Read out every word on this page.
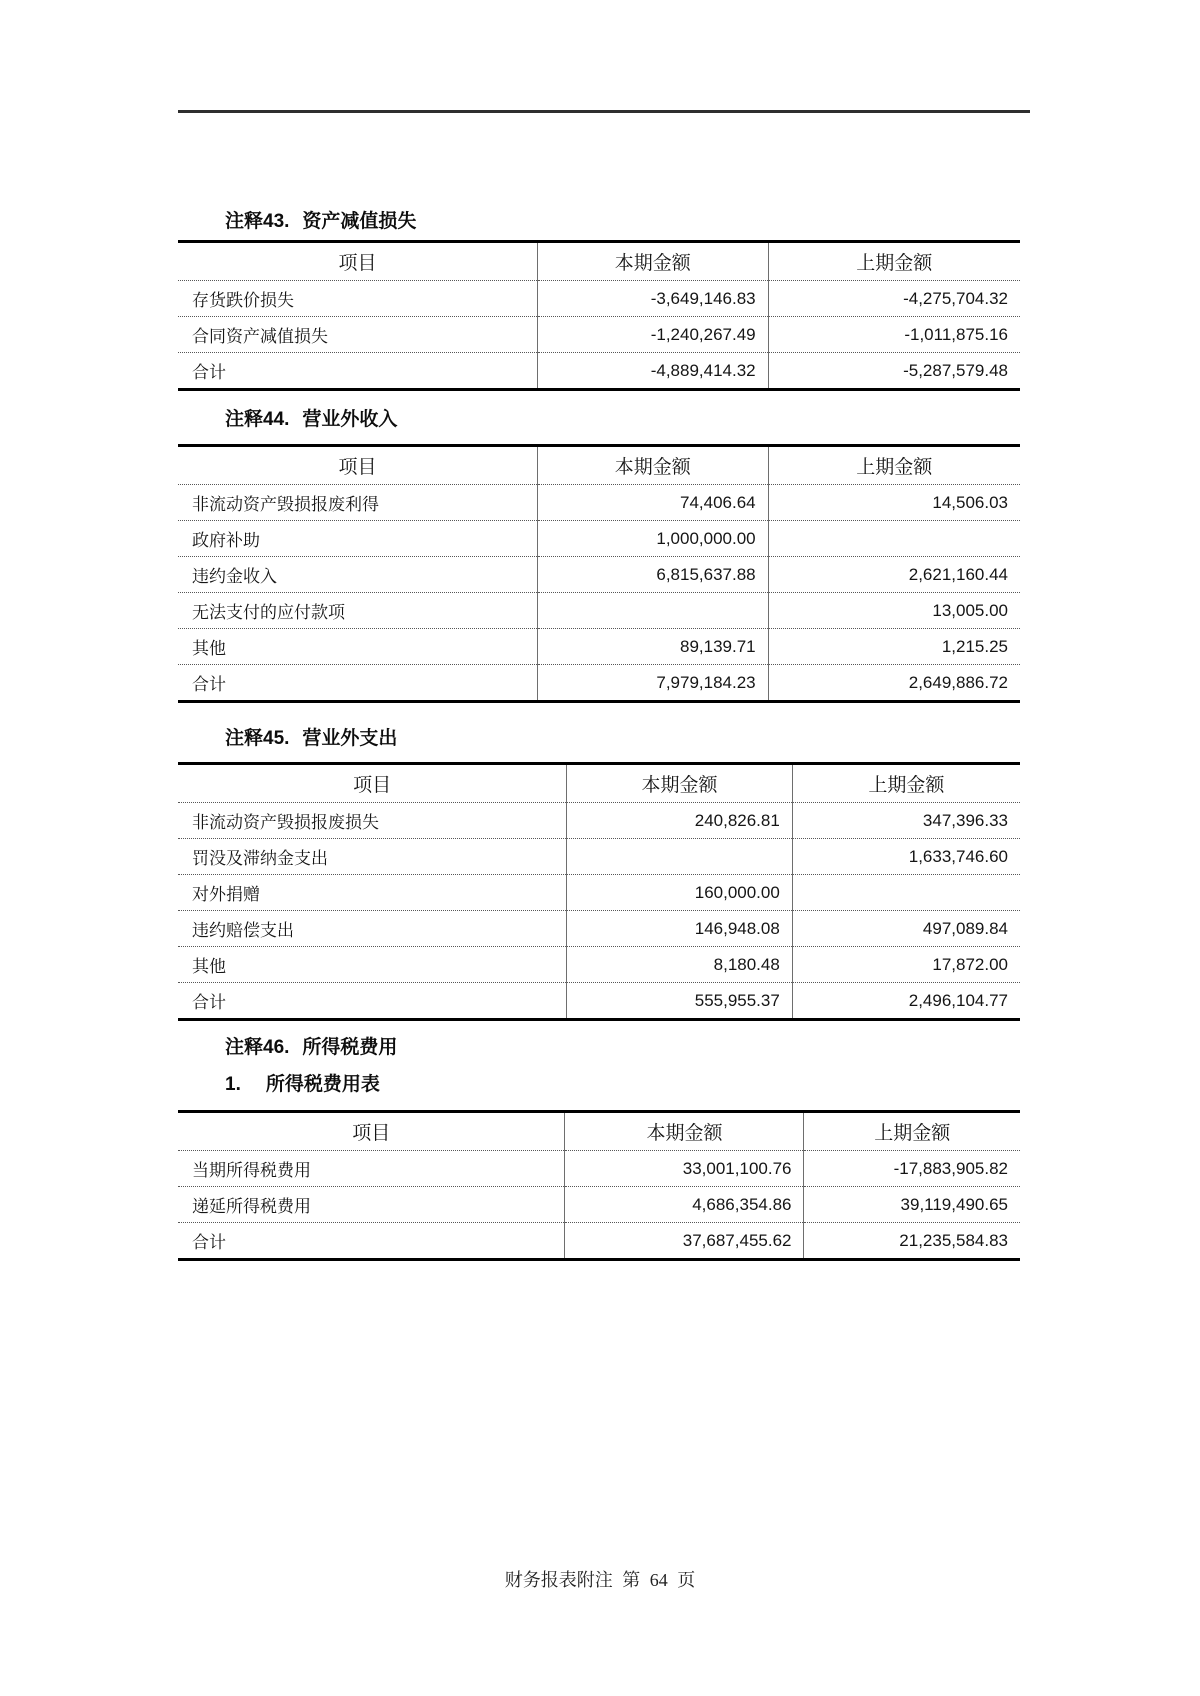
注释43. 资产减值损失
项目	本期金额	上期金额
存货跌价损失	-3,649,146.83	-4,275,704.32
合同资产减值损失	-1,240,267.49	-1,011,875.16
合计	-4,889,414.32	-5,287,579.48
注释44. 营业外收入
项目	本期金额	上期金额
非流动资产毁损报废利得	74,406.64	14,506.03
政府补助	1,000,000.00	
违约金收入	6,815,637.88	2,621,160.44
无法支付的应付款项		13,005.00
其他	89,139.71	1,215.25
合计	7,979,184.23	2,649,886.72
注释45. 营业外支出
项目	本期金额	上期金额
非流动资产毁损报废损失	240,826.81	347,396.33
罚没及滞纳金支出		1,633,746.60
对外捐赠	160,000.00	
违约赔偿支出	146,948.08	497,089.84
其他	8,180.48	17,872.00
合计	555,955.37	2,496,104.77
注释46. 所得税费用
1. 所得税费用表
项目	本期金额	上期金额
当期所得税费用	33,001,100.76	-17,883,905.82
递延所得税费用	4,686,354.86	39,119,490.65
合计	37,687,455.62	21,235,584.83
财务报表附注 第 64 页
